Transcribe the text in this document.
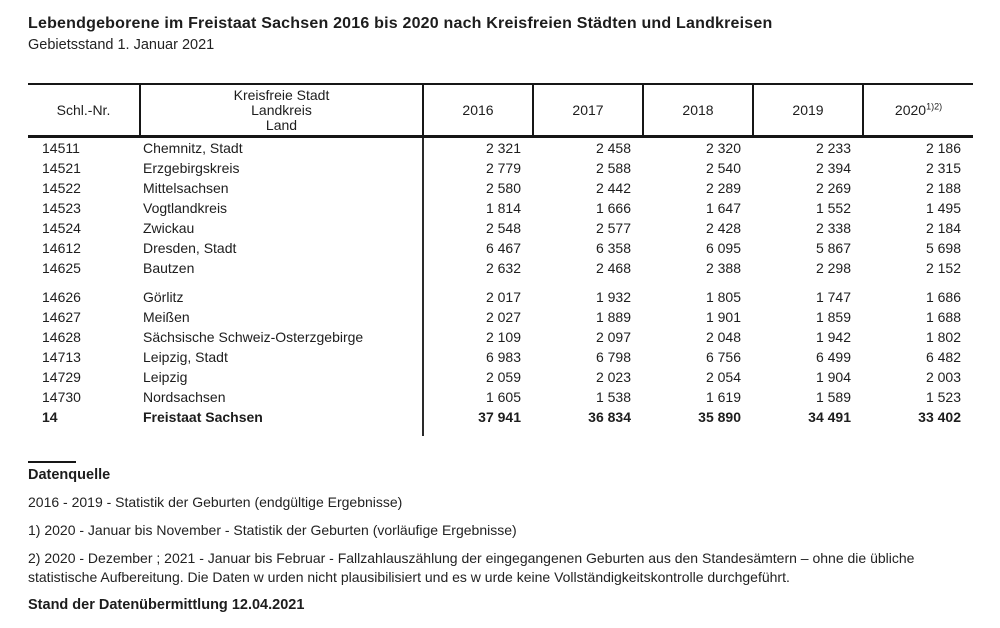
Lebendgeborene im Freistaat Sachsen 2016 bis 2020 nach Kreisfreien Städten und Landkreisen

Gebietsstand 1. Januar 2021

Schl.-Nr.	Kreisfreie Stadt
Landkreis
Land	2016	2017	2018	2019	$2020^{1)2)}$
14511	Chemnitz, Stadt	2 321	2 458	2 320	2 233	2 186
14521	Erzgebirgskreis	2 779	2 588	2 540	2 394	2 315
14522	Mittelsachsen	2 580	2 442	2 289	2 269	2 188
14523	Vogtlandkreis	1 814	1 666	1 647	1 552	1 495
14524	Zwickau	2 548	2 577	2 428	2 338	2 184
14612	Dresden, Stadt	6 467	6 358	6 095	5 867	5 698
14625	Bautzen	2 632	2 468	2 388	2 298	2 152
14626	Görlitz	2 017	1 932	1 805	1 747	1 686
14627	Meißen	2 027	1 889	1 901	1 859	1 688
14628	Sächsische Schweiz-Osterzgebirge	2 109	2 097	2 048	1 942	1 802
14713	Leipzig, Stadt	6 983	6 798	6 756	6 499	6 482
14729	Leipzig	2 059	2 023	2 054	1 904	2 003
14730	Nordsachsen	1 605	1 538	1 619	1 589	1 523
14	Freistaat Sachsen	37 941	36 834	35 890	34 491	33 402

Datenquelle

2016 - 2019 - Statistik der Geburten (endgültige Ergebnisse)

1) 2020 - Januar bis November - Statistik der Geburten (vorläufige Ergebnisse)

2) 2020 - Dezember ; 2021 - Januar bis Februar - Fallzahlauszählung der eingegangenen Geburten aus den Standesämtern – ohne die übliche statistische Aufbereitung. Die Daten w urden nicht plausibilisiert und es w urde keine Vollständigkeitskontrolle durchgeführt.

Stand der Datenübermittlung 12.04.2021
